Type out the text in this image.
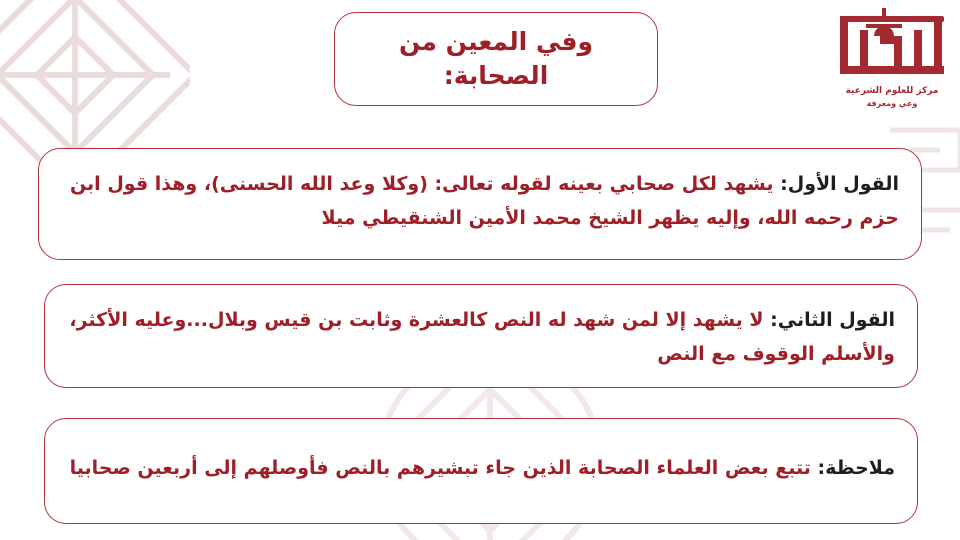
مركز للعلوم الشرعية
وعي ومعرفة
وفي المعين من
الصحابة:
القول الأول: يشهد لكل صحابي بعينه لقوله تعالى: (وكلا وعد الله الحسنى)، وهذا قول ابن حزم رحمه الله، وإليه يظهر الشيخ محمد الأمين الشنقيطي ميلا
القول الثاني: لا يشهد إلا لمن شهد له النص كالعشرة وثابت بن قيس وبلال...وعليه الأكثر، والأسلم الوقوف مع النص
ملاحظة: تتبع بعض العلماء الصحابة الذين جاء تبشيرهم بالنص فأوصلهم إلى أربعين صحابيا
